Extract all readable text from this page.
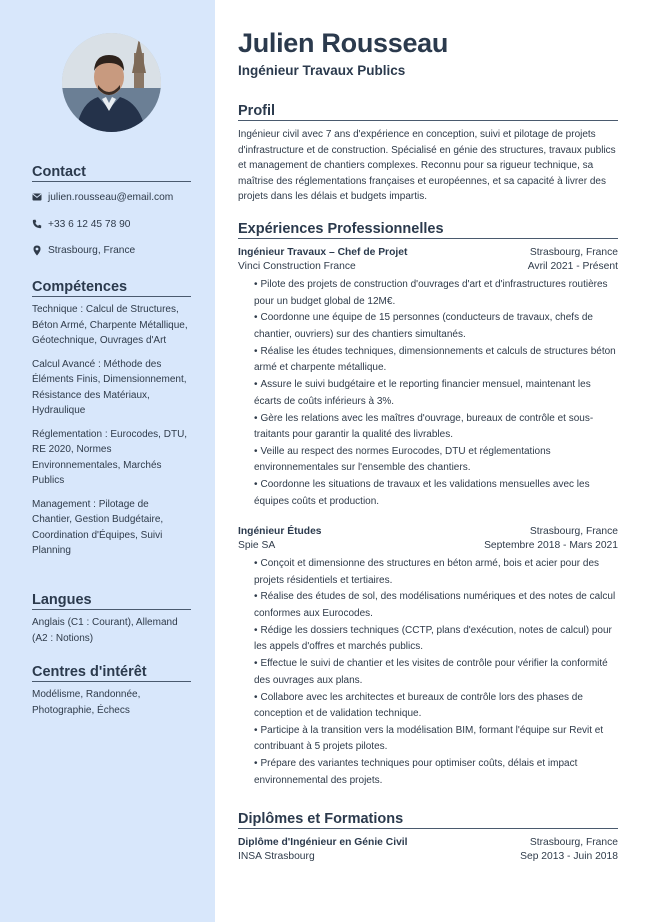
Contact
julien.rousseau@email.com
+33 6 12 45 78 90
Strasbourg, France
Compétences

Technique : Calcul de Structures, Béton Armé, Charpente Métallique, Géotechnique, Ouvrages d'Art

Calcul Avancé : Méthode des Éléments Finis, Dimensionnement, Résistance des Matériaux, Hydraulique

Réglementation : Eurocodes, DTU, RE 2020, Normes Environnementales, Marchés Publics

Management : Pilotage de Chantier, Gestion Budgétaire, Coordination d'Équipes, Suivi Planning

Langues

Anglais (C1 : Courant), Allemand (A2 : Notions)

Centres d'intérêt

Modélisme, Randonnée, Photographie, Échecs

Julien Rousseau
Ingénieur Travaux Publics
Profil

Ingénieur civil avec 7 ans d'expérience en conception, suivi et pilotage de projets d'infrastructure et de construction. Spécialisé en génie des structures, travaux publics et management de chantiers complexes. Reconnu pour sa rigueur technique, sa maîtrise des réglementations françaises et européennes, et sa capacité à livrer des projets dans les délais et budgets impartis.

Expériences Professionnelles
Ingénieur Travaux – Chef de Projet	Strasbourg, France
Vinci Construction France	Avril 2021 - Présent
• Pilote des projets de construction d'ouvrages d'art et d'infrastructures routières pour un budget global de 12M€.
• Coordonne une équipe de 15 personnes (conducteurs de travaux, chefs de chantier, ouvriers) sur des chantiers simultanés.
• Réalise les études techniques, dimensionnements et calculs de structures béton armé et charpente métallique.
• Assure le suivi budgétaire et le reporting financier mensuel, maintenant les écarts de coûts inférieurs à 3%.
• Gère les relations avec les maîtres d'ouvrage, bureaux de contrôle et sous-traitants pour garantir la qualité des livrables.
• Veille au respect des normes Eurocodes, DTU et réglementations environnementales sur l'ensemble des chantiers.
• Coordonne les situations de travaux et les validations mensuelles avec les équipes coûts et production.
Ingénieur Études	Strasbourg, France
Spie SA	Septembre 2018 - Mars 2021
• Conçoit et dimensionne des structures en béton armé, bois et acier pour des projets résidentiels et tertiaires.
• Réalise des études de sol, des modélisations numériques et des notes de calcul conformes aux Eurocodes.
• Rédige les dossiers techniques (CCTP, plans d'exécution, notes de calcul) pour les appels d'offres et marchés publics.
• Effectue le suivi de chantier et les visites de contrôle pour vérifier la conformité des ouvrages aux plans.
• Collabore avec les architectes et bureaux de contrôle lors des phases de conception et de validation technique.
• Participe à la transition vers la modélisation BIM, formant l'équipe sur Revit et contribuant à 5 projets pilotes.
• Prépare des variantes techniques pour optimiser coûts, délais et impact environnemental des projets.
Diplômes et Formations
Diplôme d'Ingénieur en Génie Civil	Strasbourg, France
INSA Strasbourg	Sep 2013 - Juin 2018
